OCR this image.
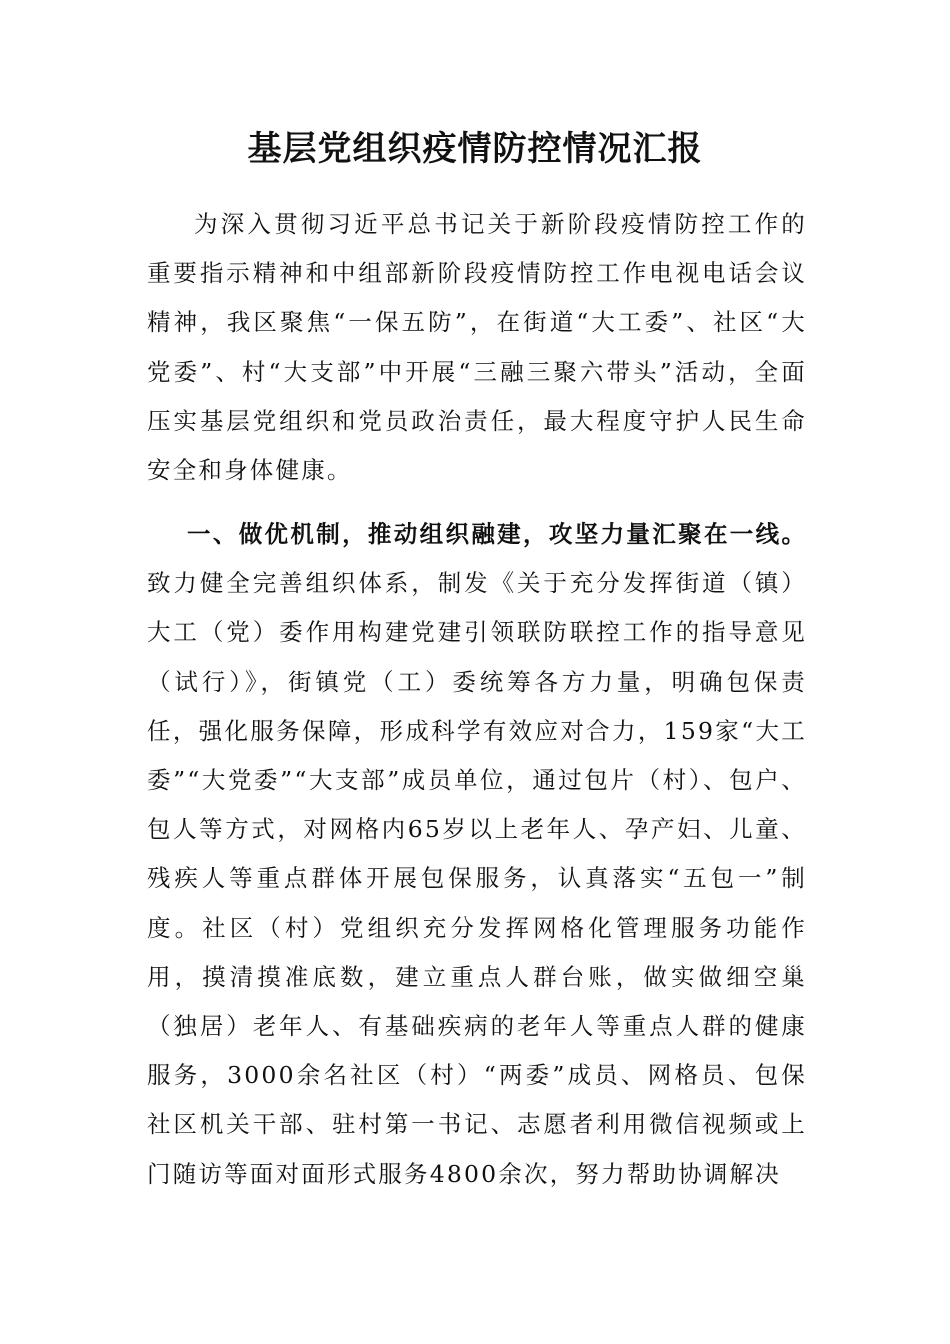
基层党组织疫情防控情况汇报

为深入贯彻习近平总书记关于新阶段疫情防控工作的重要指示精神和中组部新阶段疫情防控工作电视电话会议精神，我区聚焦“一保五防”，在街道“大工委”、社区“大党委”、村“大支部”中开展“三融三聚六带头”活动，全面压实基层党组织和党员政治责任，最大程度守护人民生命安全和身体健康。

一、做优机制，推动组织融建，攻坚力量汇聚在一线。致力健全完善组织体系，制发《关于充分发挥街道（镇）大工（党）委作用构建党建引领联防联控工作的指导意见（试行）》，街镇党（工）委统筹各方力量，明确包保责任，强化服务保障，形成科学有效应对合力，159家“大工委”“大党委”“大支部”成员单位，通过包片（村）、包户、包人等方式，对网格内65岁以上老年人、孕产妇、儿童、残疾人等重点群体开展包保服务，认真落实“五包一”制度。社区（村）党组织充分发挥网格化管理服务功能作用，摸清摸准底数，建立重点人群台账，做实做细空巢（独居）老年人、有基础疾病的老年人等重点人群的健康服务，3000余名社区（村）“两委”成员、网格员、包保社区机关干部、驻村第一书记、志愿者利用微信视频或上门随访等面对面形式服务4800余次，努力帮助协调解决
